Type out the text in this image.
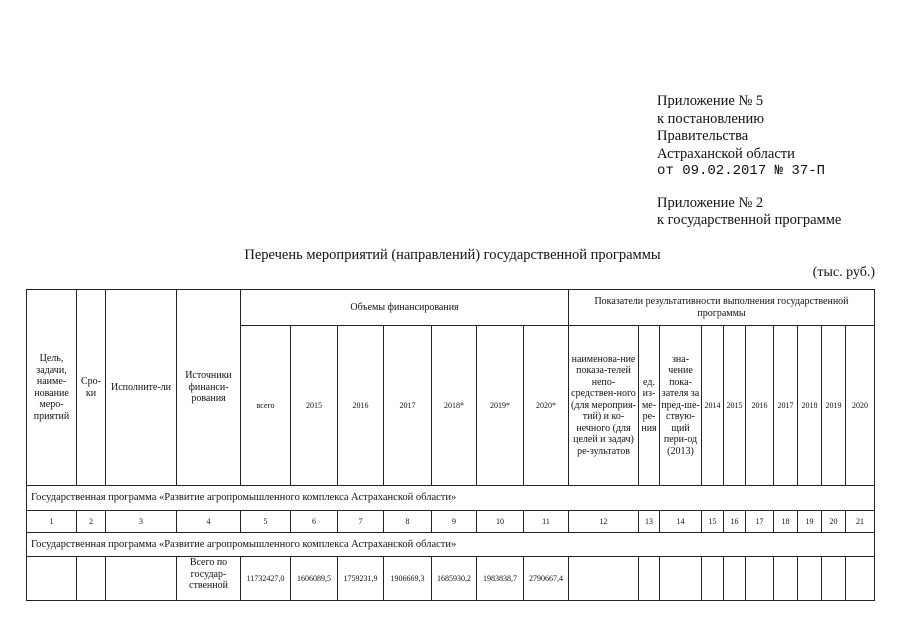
Приложение № 5
к постановлению
Правительства
Астраханской области
от 09.02.2017 № 37-П
Приложение № 2
к государственной программе
Перечень мероприятий (направлений) государственной программы
(тыс. руб.)
Цель, задачи, наиме-нование меро-приятий	Сро-ки	Исполните-ли	Источники финанси-рования	Объемы финансирования							Показатели результативности выполнения государственной программы									
				всего	2015	2016	2017	2018*	2019*	2020*	наименова-ние показа-телей непо-средствен-ного (для мероприя-тий) и ко-нечного (для целей и задач) ре-зультатов	ед. из-ме-ре-ния	зна-чение пока-зателя за пред-ше-ствую-щий пери-од (2013)	2014	2015	2016	2017	2018	2019	2020
Государственная программа «Развитие агропромышленного комплекса Астраханской области»																				
1	2	3	4	5	6	7	8	9	10	11	12	13	14	15	16	17	18	19	20	21
Государственная программа «Развитие агропромышленного комплекса Астраханской области»																				
			Всего по государ-ственной	11732427,0	1606089,5	1759231,9	1906669,3	1685930,2	1983838,7	2790667,4										
